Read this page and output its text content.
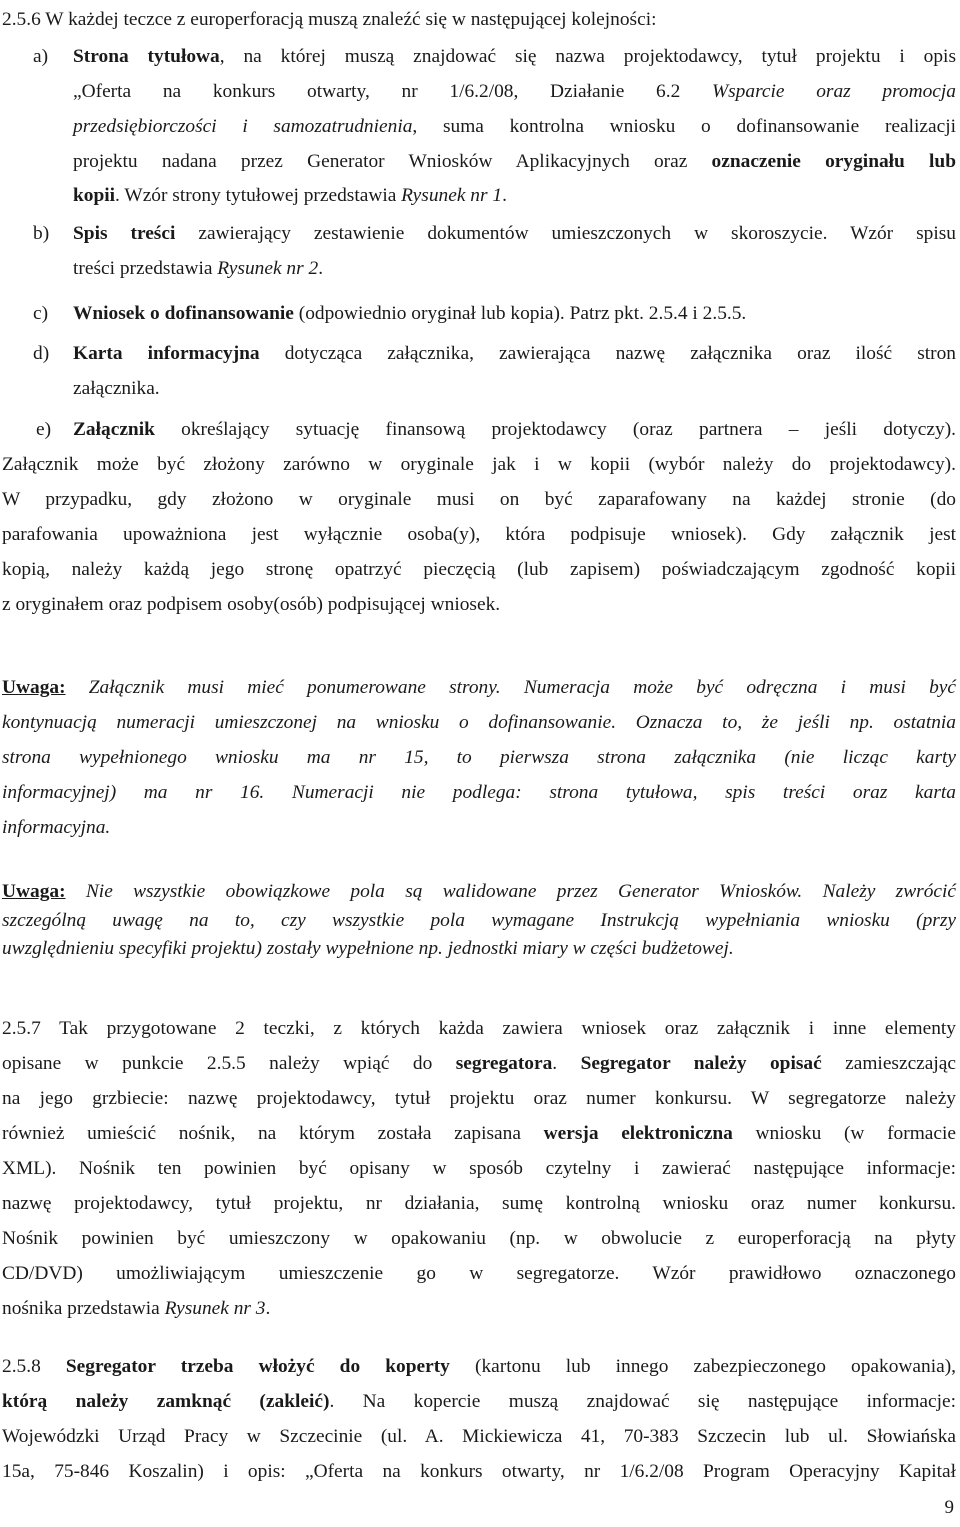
2.5.6 W każdej teczce z europerforacją muszą znaleźć się w następującej kolejności:
a) Strona tytułowa, na której muszą znajdować się nazwa projektodawcy, tytuł projektu i opis
„Oferta na konkurs otwarty, nr 1/6.2/08, Działanie 6.2 Wsparcie oraz promocja
przedsiębiorczości i samozatrudnienia, suma kontrolna wniosku o dofinansowanie realizacji
projektu nadana przez Generator Wniosków Aplikacyjnych oraz oznaczenie oryginału lub
kopii. Wzór strony tytułowej przedstawia Rysunek nr 1.
b) Spis treści zawierający zestawienie dokumentów umieszczonych w skoroszycie. Wzór spisu
treści przedstawia Rysunek nr 2.
c) Wniosek o dofinansowanie (odpowiednio oryginał lub kopia). Patrz pkt. 2.5.4 i 2.5.5.
d) Karta informacyjna dotycząca załącznika, zawierająca nazwę załącznika oraz ilość stron
załącznika.
e) Załącznik określający sytuację finansową projektodawcy (oraz partnera – jeśli dotyczy).
Załącznik może być złożony zarówno w oryginale jak i w kopii (wybór należy do projektodawcy).
W przypadku, gdy złożono w oryginale musi on być zaparafowany na każdej stronie (do
parafowania upoważniona jest wyłącznie osoba(y), która podpisuje wniosek). Gdy załącznik jest
kopią, należy każdą jego stronę opatrzyć pieczęcią (lub zapisem) poświadczającym zgodność kopii
z oryginałem oraz podpisem osoby(osób) podpisującej wniosek.
Uwaga: Załącznik musi mieć ponumerowane strony. Numeracja może być odręczna i musi być
kontynuacją numeracji umieszczonej na wniosku o dofinansowanie. Oznacza to, że jeśli np. ostatnia
strona wypełnionego wniosku ma nr 15, to pierwsza strona załącznika (nie licząc karty
informacyjnej) ma nr 16. Numeracji nie podlega: strona tytułowa, spis treści oraz karta
informacyjna.
Uwaga: Nie wszystkie obowiązkowe pola są walidowane przez Generator Wniosków. Należy zwrócić
szczególną uwagę na to, czy wszystkie pola wymagane Instrukcją wypełniania wniosku (przy
uwzględnieniu specyfiki projektu) zostały wypełnione np. jednostki miary w części budżetowej.
2.5.7 Tak przygotowane 2 teczki, z których każda zawiera wniosek oraz załącznik i inne elementy
opisane w punkcie 2.5.5 należy wpiąć do segregatora. Segregator należy opisać zamieszczając
na jego grzbiecie: nazwę projektodawcy, tytuł projektu oraz numer konkursu. W segregatorze należy
również umieścić nośnik, na którym została zapisana wersja elektroniczna wniosku (w formacie
XML). Nośnik ten powinien być opisany w sposób czytelny i zawierać następujące informacje:
nazwę projektodawcy, tytuł projektu, nr działania, sumę kontrolną wniosku oraz numer konkursu.
Nośnik powinien być umieszczony w opakowaniu (np. w obwolucie z europerforacją na płyty
CD/DVD) umożliwiającym umieszczenie go w segregatorze. Wzór prawidłowo oznaczonego
nośnika przedstawia Rysunek nr 3.
2.5.8 Segregator trzeba włożyć do koperty (kartonu lub innego zabezpieczonego opakowania),
którą należy zamknąć (zakleić). Na kopercie muszą znajdować się następujące informacje:
Wojewódzki Urząd Pracy w Szczecinie (ul. A. Mickiewicza 41, 70-383 Szczecin lub ul. Słowiańska
15a, 75-846 Koszalin) i opis: „Oferta na konkurs otwarty, nr 1/6.2/08 Program Operacyjny Kapitał
9
